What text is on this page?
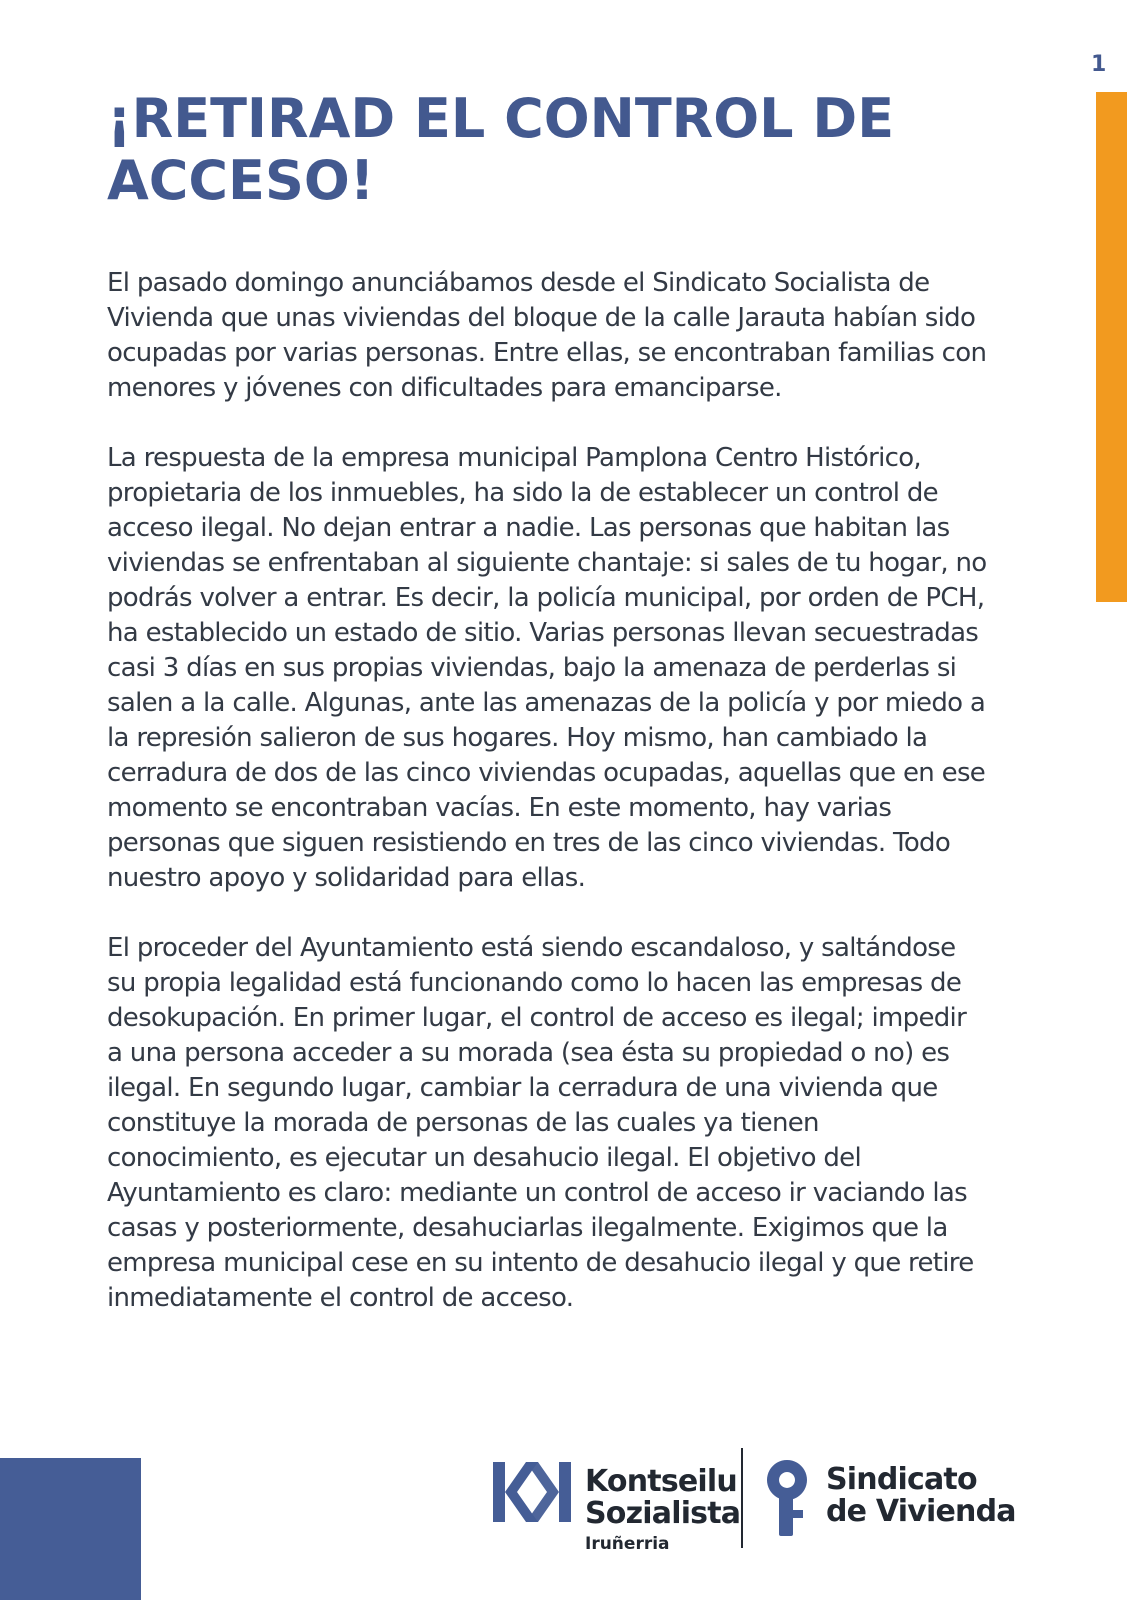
1
¡RETIRAD EL CONTROL DE ACCESO!

El pasado domingo anunciábamos desde el Sindicato Socialista de Vivienda que unas viviendas del bloque de la calle Jarauta habían sido ocupadas por varias personas. Entre ellas, se encontraban familias con menores y jóvenes con dificultades para emanciparse.

La respuesta de la empresa municipal Pamplona Centro Histórico, propietaria de los inmuebles, ha sido la de establecer un control de acceso ilegal. No dejan entrar a nadie. Las personas que habitan las viviendas se enfrentaban al siguiente chantaje: si sales de tu hogar, no podrás volver a entrar. Es decir, la policía municipal, por orden de PCH, ha establecido un estado de sitio. Varias personas llevan secuestradas casi 3 días en sus propias viviendas, bajo la amenaza de perderlas si salen a la calle. Algunas, ante las amenazas de la policía y por miedo a la represión salieron de sus hogares. Hoy mismo, han cambiado la cerradura de dos de las cinco viviendas ocupadas, aquellas que en ese momento se encontraban vacías. En este momento, hay varias personas que siguen resistiendo en tres de las cinco viviendas. Todo nuestro apoyo y solidaridad para ellas.

El proceder del Ayuntamiento está siendo escandaloso, y saltándose su propia legalidad está funcionando como lo hacen las empresas de desokupación. En primer lugar, el control de acceso es ilegal; impedir a una persona acceder a su morada (sea ésta su propiedad o no) es ilegal. En segundo lugar, cambiar la cerradura de una vivienda que constituye la morada de personas de las cuales ya tienen conocimiento, es ejecutar un desahucio ilegal. El objetivo del Ayuntamiento es claro: mediante un control de acceso ir vaciando las casas y posteriormente, desahuciarlas ilegalmente. Exigimos que la empresa municipal cese en su intento de desahucio ilegal y que retire inmediatamente el control de acceso.

Kontseilu
Sozialista
Iruñerria
Sindicato
de Vivienda
